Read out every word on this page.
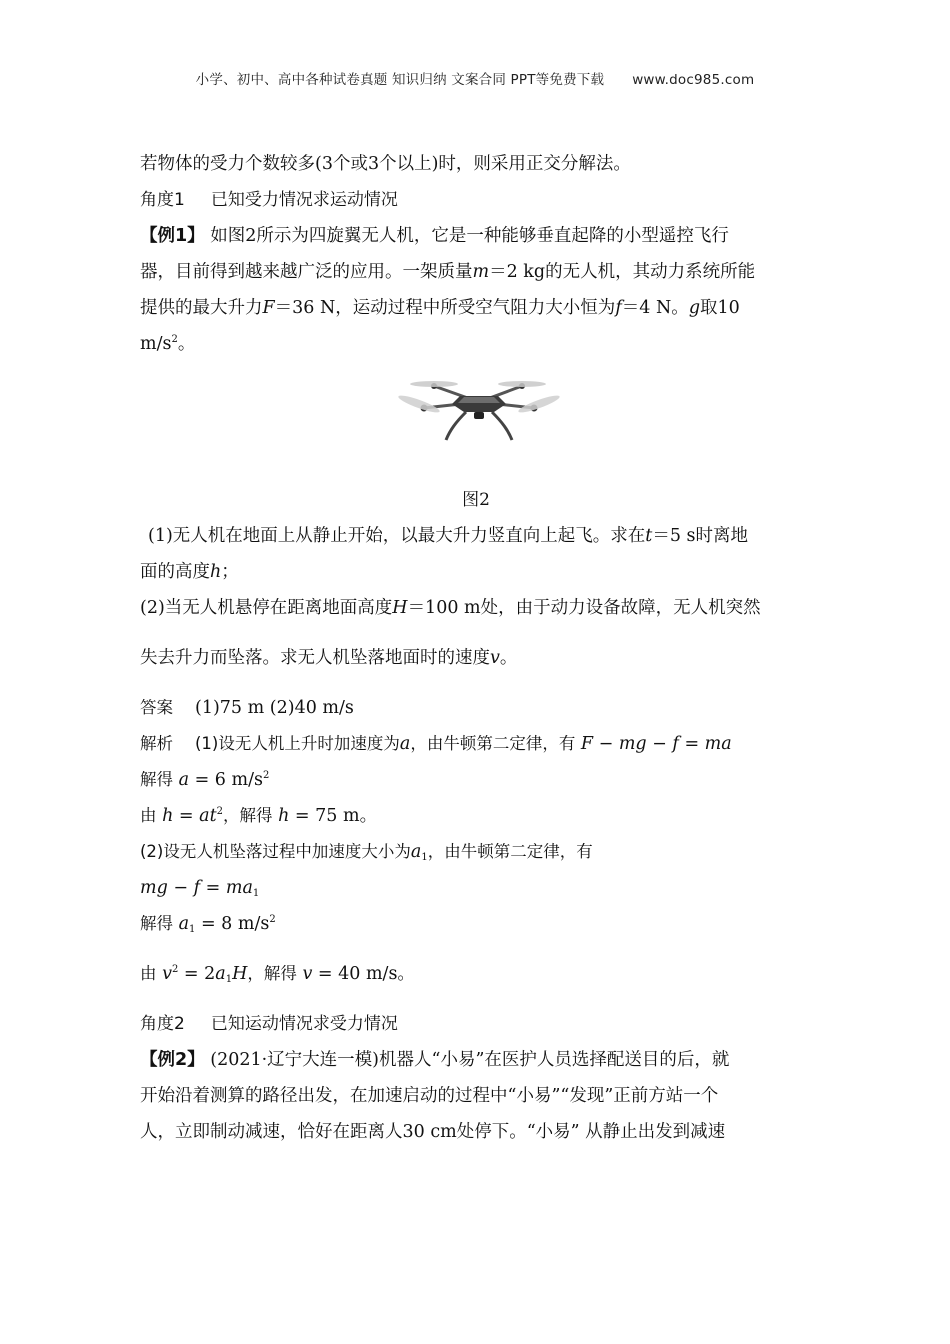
小学、初中、高中各种试卷真题 知识归纳 文案合同 PPT等免费下载 www.doc985.com
若物体的受力个数较多(3个或3个以上)时，则采用正交分解法。
角度1 已知受力情况求运动情况
【例1】 如图2所示为四旋翼无人机，它是一种能够垂直起降的小型遥控飞行
器，目前得到越来越广泛的应用。一架质量m＝2 kg的无人机，其动力系统所能
提供的最大升力F＝36 N，运动过程中所受空气阻力大小恒为f＝4 N。g取10
$m/s^2$。
图2
(1)无人机在地面上从静止开始，以最大升力竖直向上起飞。求在t＝5 s时离地
面的高度h；
(2)当无人机悬停在距离地面高度H＝100 m处，由于动力设备故障，无人机突然
失去升力而坠落。求无人机坠落地面时的速度v。
答案 (1)75 m (2)40 m/s
解析 (1)设无人机上升时加速度为a，由牛顿第二定律，有 F − mg − f = ma
解得 a = 6 $m/s^2$
由 $h = at^2$，解得 h = 75 m。
(2)设无人机坠落过程中加速度大小为$a_1$，由牛顿第二定律，有
mg − $f = ma_1$
解得 $a_1 = 8$ $m/s^2$
由 $v^2 = 2a_1H$，解得 v = 40 m/s。
角度2 已知运动情况求受力情况
【例2】 (2021·辽宁大连一模)机器人“小易”在医护人员选择配送目的后，就
开始沿着测算的路径出发，在加速启动的过程中“小易”“发现”正前方站一个
人，立即制动减速，恰好在距离人30 cm处停下。“小易” 从静止出发到减速
